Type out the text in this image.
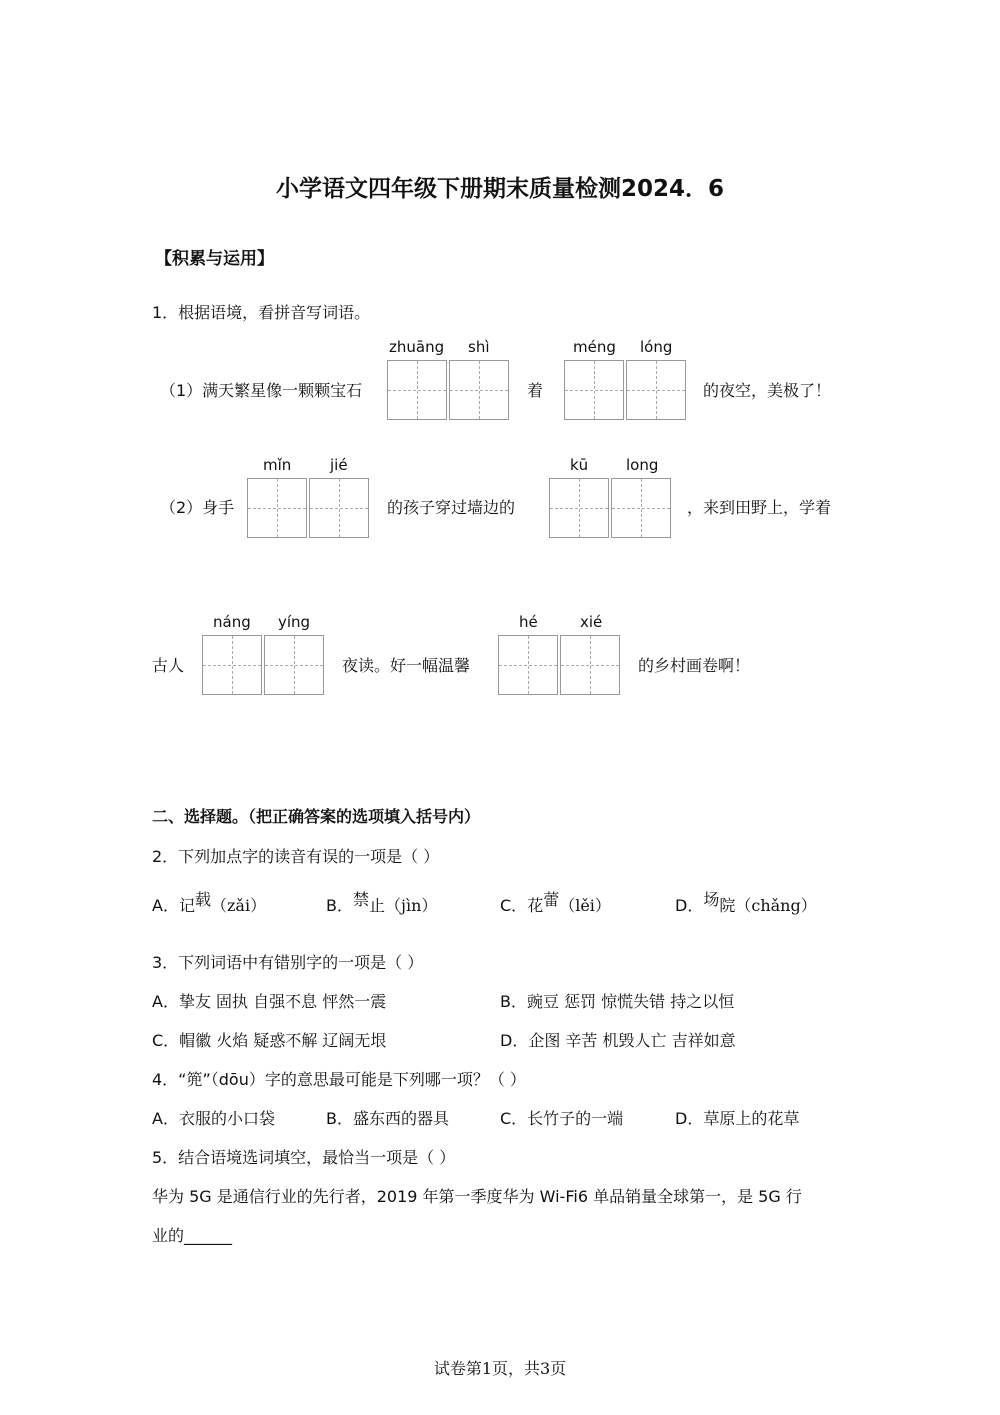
小学语文四年级下册期末质量检测2024．6
【积累与运用】
1．根据语境，看拼音写词语。
zhuāng shì	méng lóng
（1）满天繁星像一颗颗宝石	着	的夜空，美极了！
mǐn	jié	kū	long
（2）身手	的孩子穿过墙边的	，来到田野上，学着
náng yíng	hé	xié
古人	夜读。好一幅温馨	的乡村画卷啊！
二、选择题。（把正确答案的选项填入括号内）
2．下列加点字的读音有误的一项是（ ）
A．记载（zǎi）	B．禁止（jìn）	C．花蕾（lěi）	D．场院（chǎng）
3．下列词语中有错别字的一项是（ ）
A．挚友 固执 自强不息 怦然一震	B．豌豆 惩罚 惊慌失错 持之以恒
C．帽徽 火焰 疑惑不解 辽阔无垠	D．企图 辛苦 机毁人亡 吉祥如意
4．“篼”（dōu）字的意思最可能是下列哪一项？（ ）
A．衣服的小口袋	B．盛东西的器具	C．长竹子的一端	D．草原上的花草
5．结合语境选词填空，最恰当一项是（ ）
华为 5G 是通信行业的先行者，2019 年第一季度华为 Wi-Fi6 单品销量全球第一，是 5G 行
业的______
试卷第1页，共3页
